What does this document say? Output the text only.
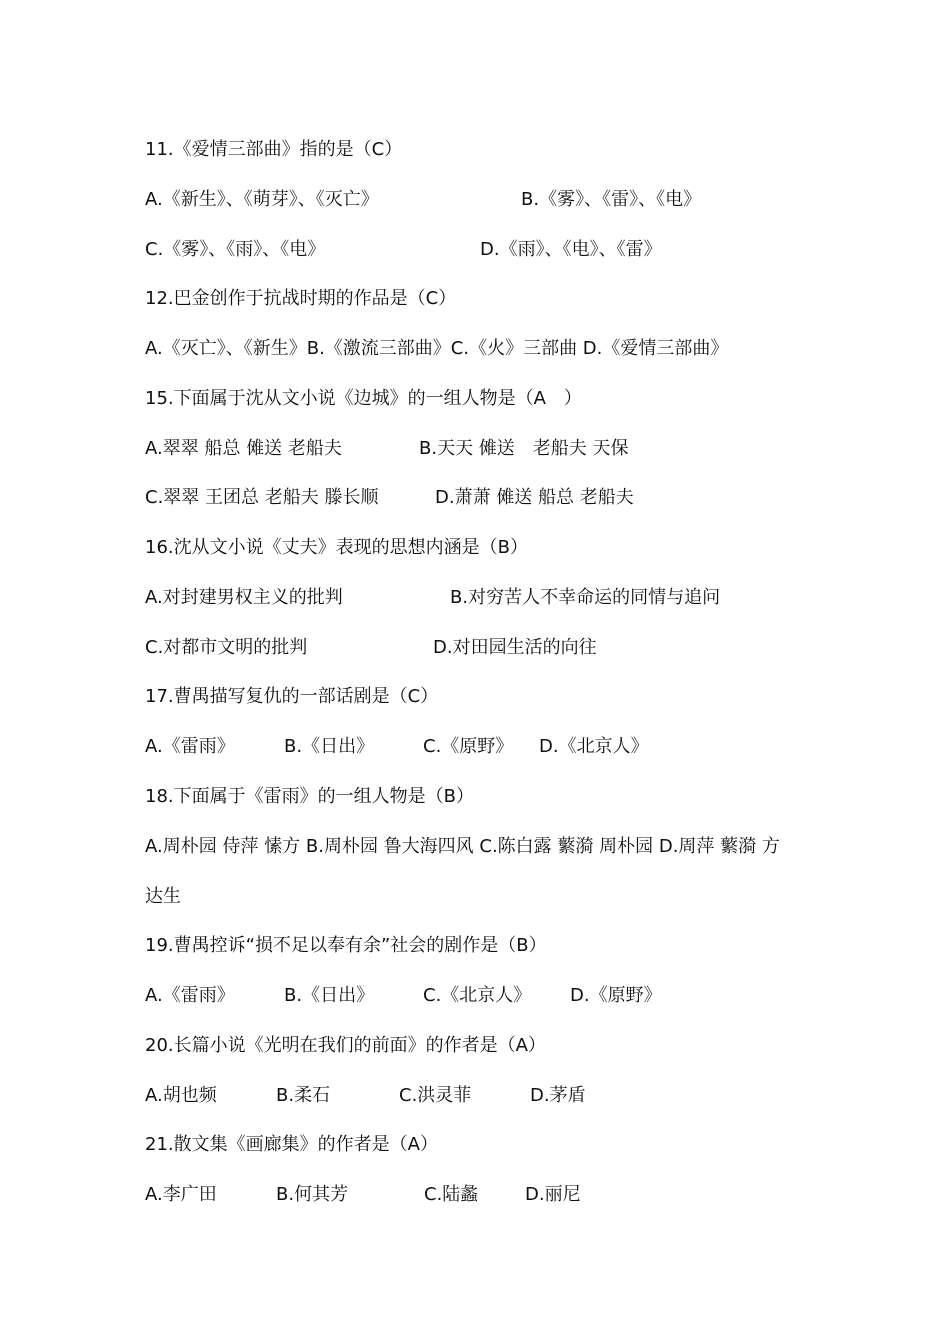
11.《爱情三部曲》指的是（C）
A.《新生》、《萌芽》、《灭亡》	B.《雾》、《雷》、《电》
C.《雾》、《雨》、《电》	D.《雨》、《电》、《雷》
12.巴金创作于抗战时期的作品是（C）
A.《灭亡》、《新生》B.《激流三部曲》C.《火》三部曲 D.《爱情三部曲》
15.下面属于沈从文小说《边城》的一组人物是（A　）
A.翠翠 船总 傩送 老船夫	B.天天 傩送　老船夫 天保
C.翠翠 王团总 老船夫 滕长顺	D.萧萧 傩送 船总 老船夫
16.沈从文小说《丈夫》表现的思想内涵是（B）
A.对封建男权主义的批判	B.对穷苦人不幸命运的同情与追问
C.对都市文明的批判	D.对田园生活的向往
17.曹禺描写复仇的一部话剧是（C）
A.《雷雨》	B.《日出》	C.《原野》 D.《北京人》
18.下面属于《雷雨》的一组人物是（B）
A.周朴园 侍萍 愫方 B.周朴园 鲁大海四风 C.陈白露 蘩漪 周朴园 D.周萍 蘩漪 方
达生
19.曹禺控诉“损不足以奉有余”社会的剧作是（B）
A.《雷雨》	B.《日出》	C.《北京人》 D.《原野》
20.长篇小说《光明在我们的前面》的作者是（A）
A.胡也频	B.柔石	C.洪灵菲	D.茅盾
21.散文集《画廊集》的作者是（A）
A.李广田	B.何其芳	C.陆蠡	D.丽尼
